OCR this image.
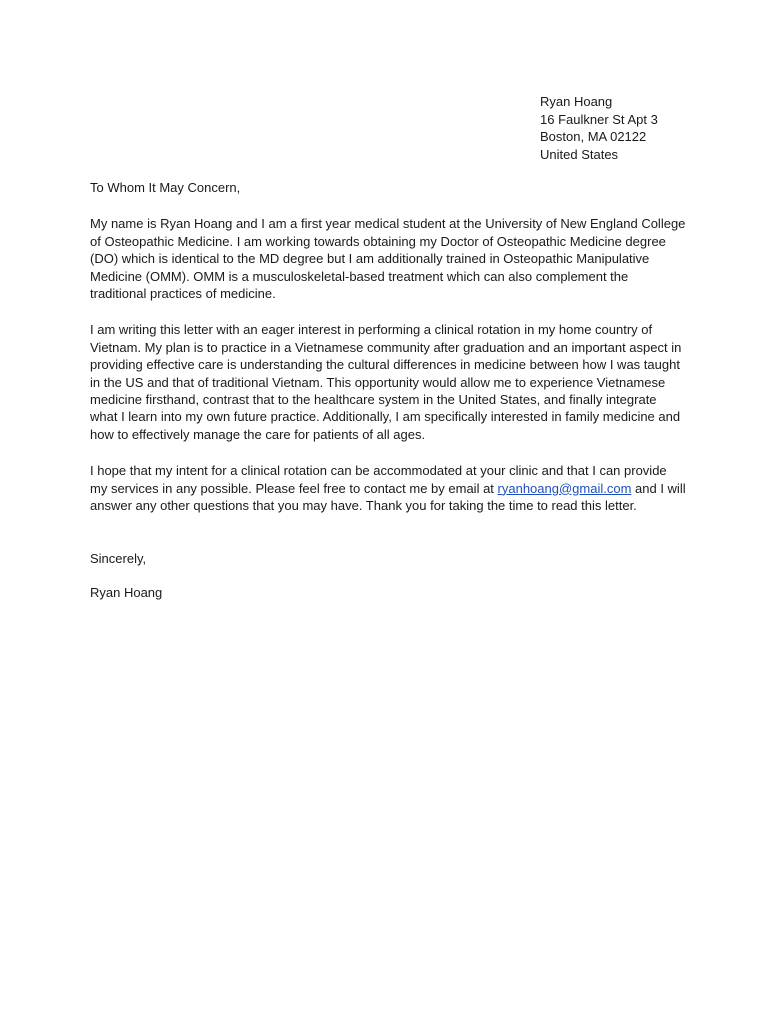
Ryan Hoang
16 Faulkner St Apt 3
Boston, MA 02122
United States
To Whom It May Concern,
My name is Ryan Hoang and I am a first year medical student at the University of New England College
of Osteopathic Medicine. I am working towards obtaining my Doctor of Osteopathic Medicine degree
(DO) which is identical to the MD degree but I am additionally trained in Osteopathic Manipulative
Medicine (OMM). OMM is a musculoskeletal-based treatment which can also complement the
traditional practices of medicine.
I am writing this letter with an eager interest in performing a clinical rotation in my home country of
Vietnam. My plan is to practice in a Vietnamese community after graduation and an important aspect in
providing effective care is understanding the cultural differences in medicine between how I was taught
in the US and that of traditional Vietnam. This opportunity would allow me to experience Vietnamese
medicine firsthand, contrast that to the healthcare system in the United States, and finally integrate
what I learn into my own future practice. Additionally, I am specifically interested in family medicine and
how to effectively manage the care for patients of all ages.
I hope that my intent for a clinical rotation can be accommodated at your clinic and that I can provide
my services in any possible. Please feel free to contact me by email at ryanhoang@gmail.com and I will
answer any other questions that you may have. Thank you for taking the time to read this letter.
Sincerely,
Ryan Hoang
